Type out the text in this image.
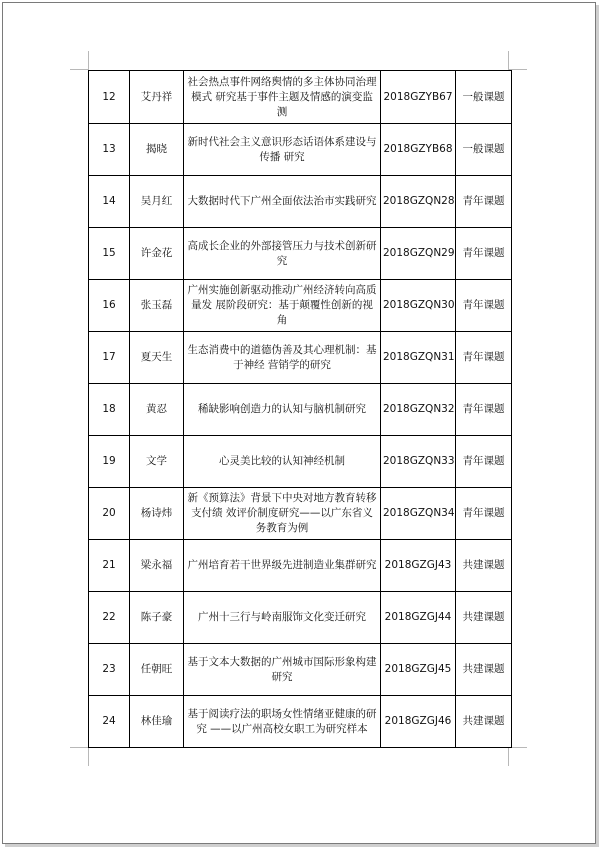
12	艾丹祥	社会热点事件网络舆情的多主体协同治理模式 研究基于事件主题及情感的演变监测	2018GZYB67	一般课题
13	揭晓	新时代社会主义意识形态话语体系建设与传播 研究	2018GZYB68	一般课题
14	吴月红	大数据时代下广州全面依法治市实践研究	2018GZQN28	青年课题
15	许金花	高成长企业的外部接管压力与技术创新研究	2018GZQN29	青年课题
16	张玉磊	广州实施创新驱动推动广州经济转向高质量发 展阶段研究：基于颠覆性创新的视角	2018GZQN30	青年课题
17	夏天生	生态消费中的道德伪善及其心理机制：基于神经 营销学的研究	2018GZQN31	青年课题
18	黄忍	稀缺影响创造力的认知与脑机制研究	2018GZQN32	青年课题
19	文学	心灵美比较的认知神经机制	2018GZQN33	青年课题
20	杨诗炜	新《预算法》背景下中央对地方教育转移支付绩 效评价制度研究——以广东省义务教育为例	2018GZQN34	青年课题
21	梁永福	广州培育若干世界级先进制造业集群研究	2018GZGJ43	共建课题
22	陈子豪	广州十三行与岭南服饰文化变迁研究	2018GZGJ44	共建课题
23	任朝旺	基于文本大数据的广州城市国际形象构建研究	2018GZGJ45	共建课题
24	林佳瑜	基于阅读疗法的职场女性情绪亚健康的研究 ——以广州高校女职工为研究样本	2018GZGJ46	共建课题
